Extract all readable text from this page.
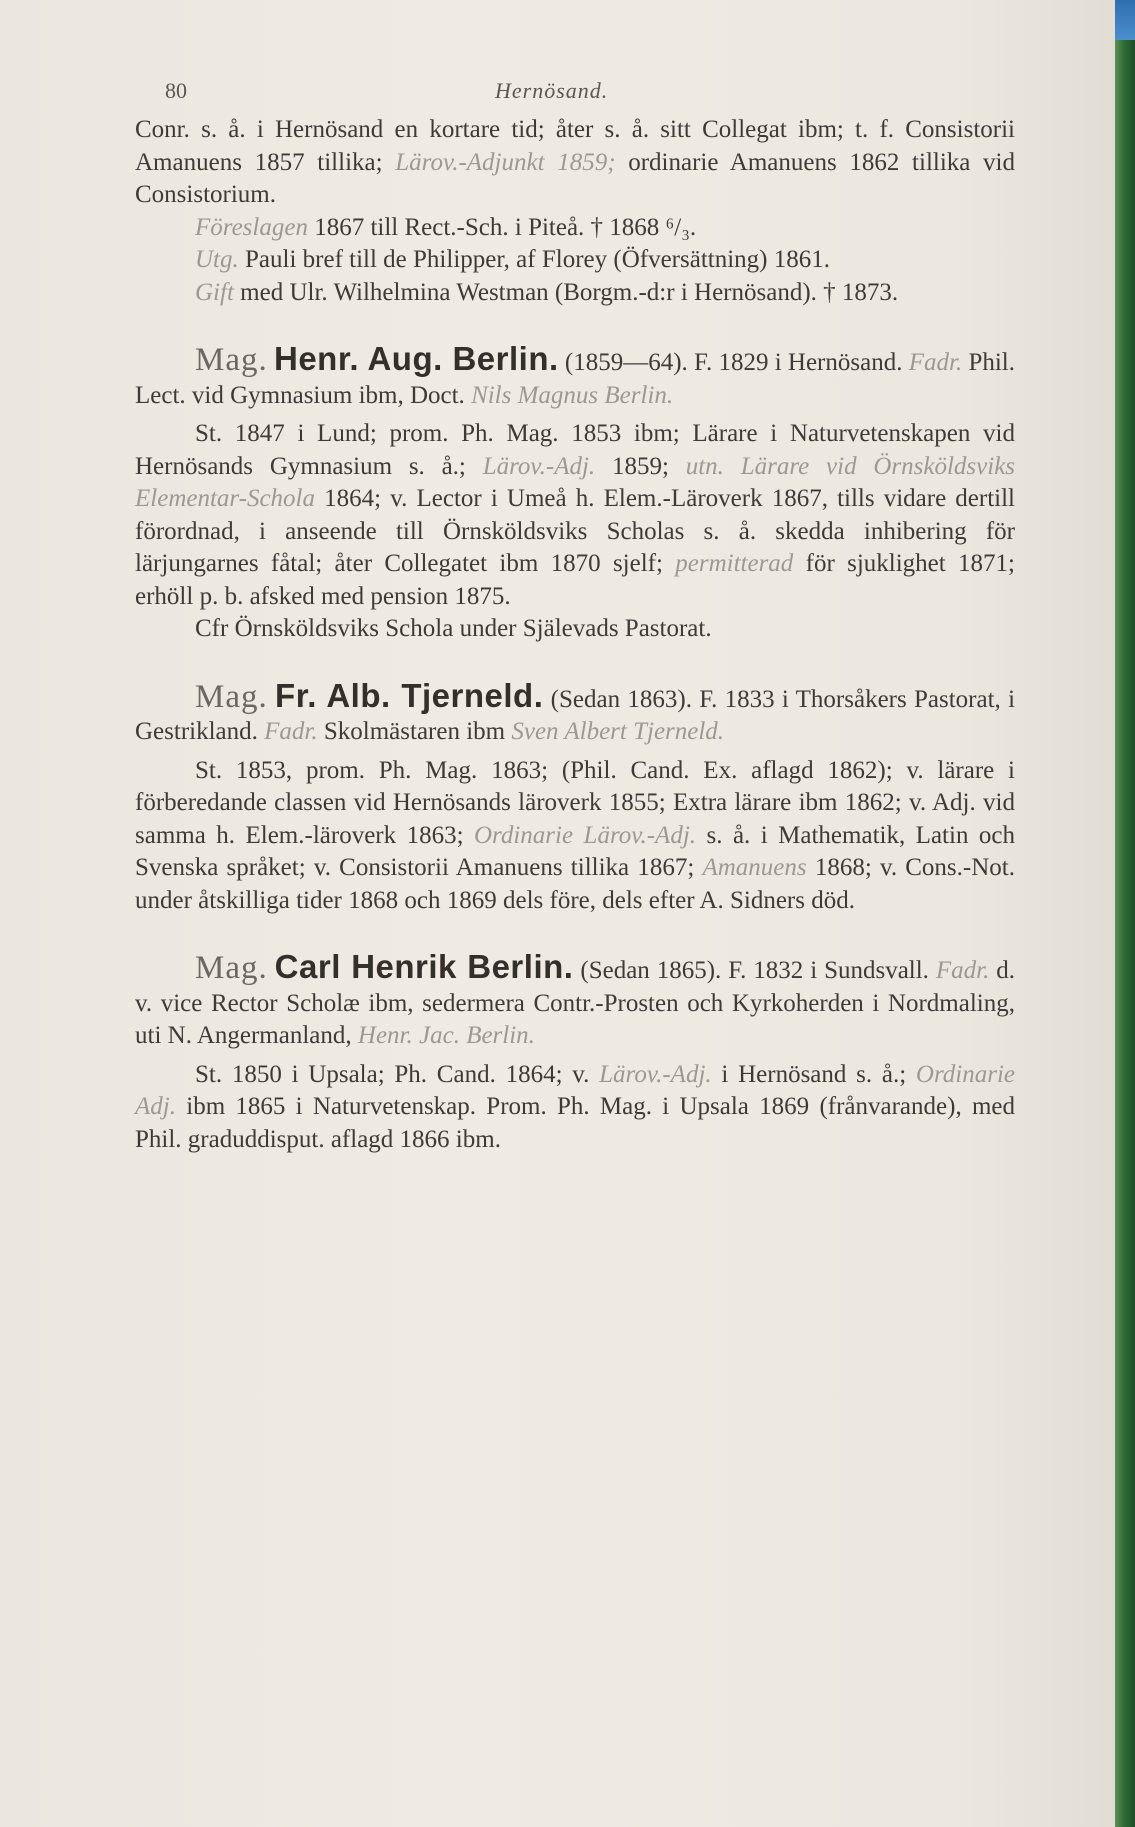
80	Hernösand.

Conr. s. å. i Hernösand en kortare tid; åter s. å. sitt Collegat ibm; t. f. Consistorii Amanuens 1857 tillika; Lärov.-Adjunkt 1859; ordinarie Amanuens 1862 tillika vid Consistorium.

Föreslagen 1867 till Rect.-Sch. i Piteå. † 1868 ⁶/₃.

Utg. Pauli bref till de Philipper, af Florey (Öfversättning) 1861.

Gift med Ulr. Wilhelmina Westman (Borgm.-d:r i Hernösand). † 1873.

Mag. Henr. Aug. Berlin. (1859—64). F. 1829 i Hernösand. Fadr. Phil. Lect. vid Gymnasium ibm, Doct. Nils Magnus Berlin.

St. 1847 i Lund; prom. Ph. Mag. 1853 ibm; Lärare i Naturvetenskapen vid Hernösands Gymnasium s. å.; Lärov.-Adj. 1859; utn. Lärare vid Örnsköldsviks Elementar-Schola 1864; v. Lector i Umeå h. Elem.-Läroverk 1867, tills vidare dertill förordnad, i anseende till Örnsköldsviks Scholas s. å. skedda inhibering för lärjungarnes fåtal; åter Collegatet ibm 1870 sjelf; permitterad för sjuklighet 1871; erhöll p. b. afsked med pension 1875.

Cfr Örnsköldsviks Schola under Själevads Pastorat.

Mag. Fr. Alb. Tjerneld. (Sedan 1863). F. 1833 i Thorsåkers Pastorat, i Gestrikland. Fadr. Skolmästaren ibm Sven Albert Tjerneld.

St. 1853, prom. Ph. Mag. 1863; (Phil. Cand. Ex. aflagd 1862); v. lärare i förberedande classen vid Hernösands läroverk 1855; Extra lärare ibm 1862; v. Adj. vid samma h. Elem.-läroverk 1863; Ordinarie Lärov.-Adj. s. å. i Mathematik, Latin och Svenska språket; v. Consistorii Amanuens tillika 1867; Amanuens 1868; v. Cons.-Not. under åtskilliga tider 1868 och 1869 dels före, dels efter A. Sidners död.

Mag. Carl Henrik Berlin. (Sedan 1865). F. 1832 i Sundsvall. Fadr. d. v. vice Rector Scholæ ibm, sedermera Contr.-Prosten och Kyrkoherden i Nordmaling, uti N. Angermanland, Henr. Jac. Berlin.

St. 1850 i Upsala; Ph. Cand. 1864; v. Lärov.-Adj. i Hernösand s. å.; Ordinarie Adj. ibm 1865 i Naturvetenskap. Prom. Ph. Mag. i Upsala 1869 (frånvarande), med Phil. graduddisput. aflagd 1866 ibm.
